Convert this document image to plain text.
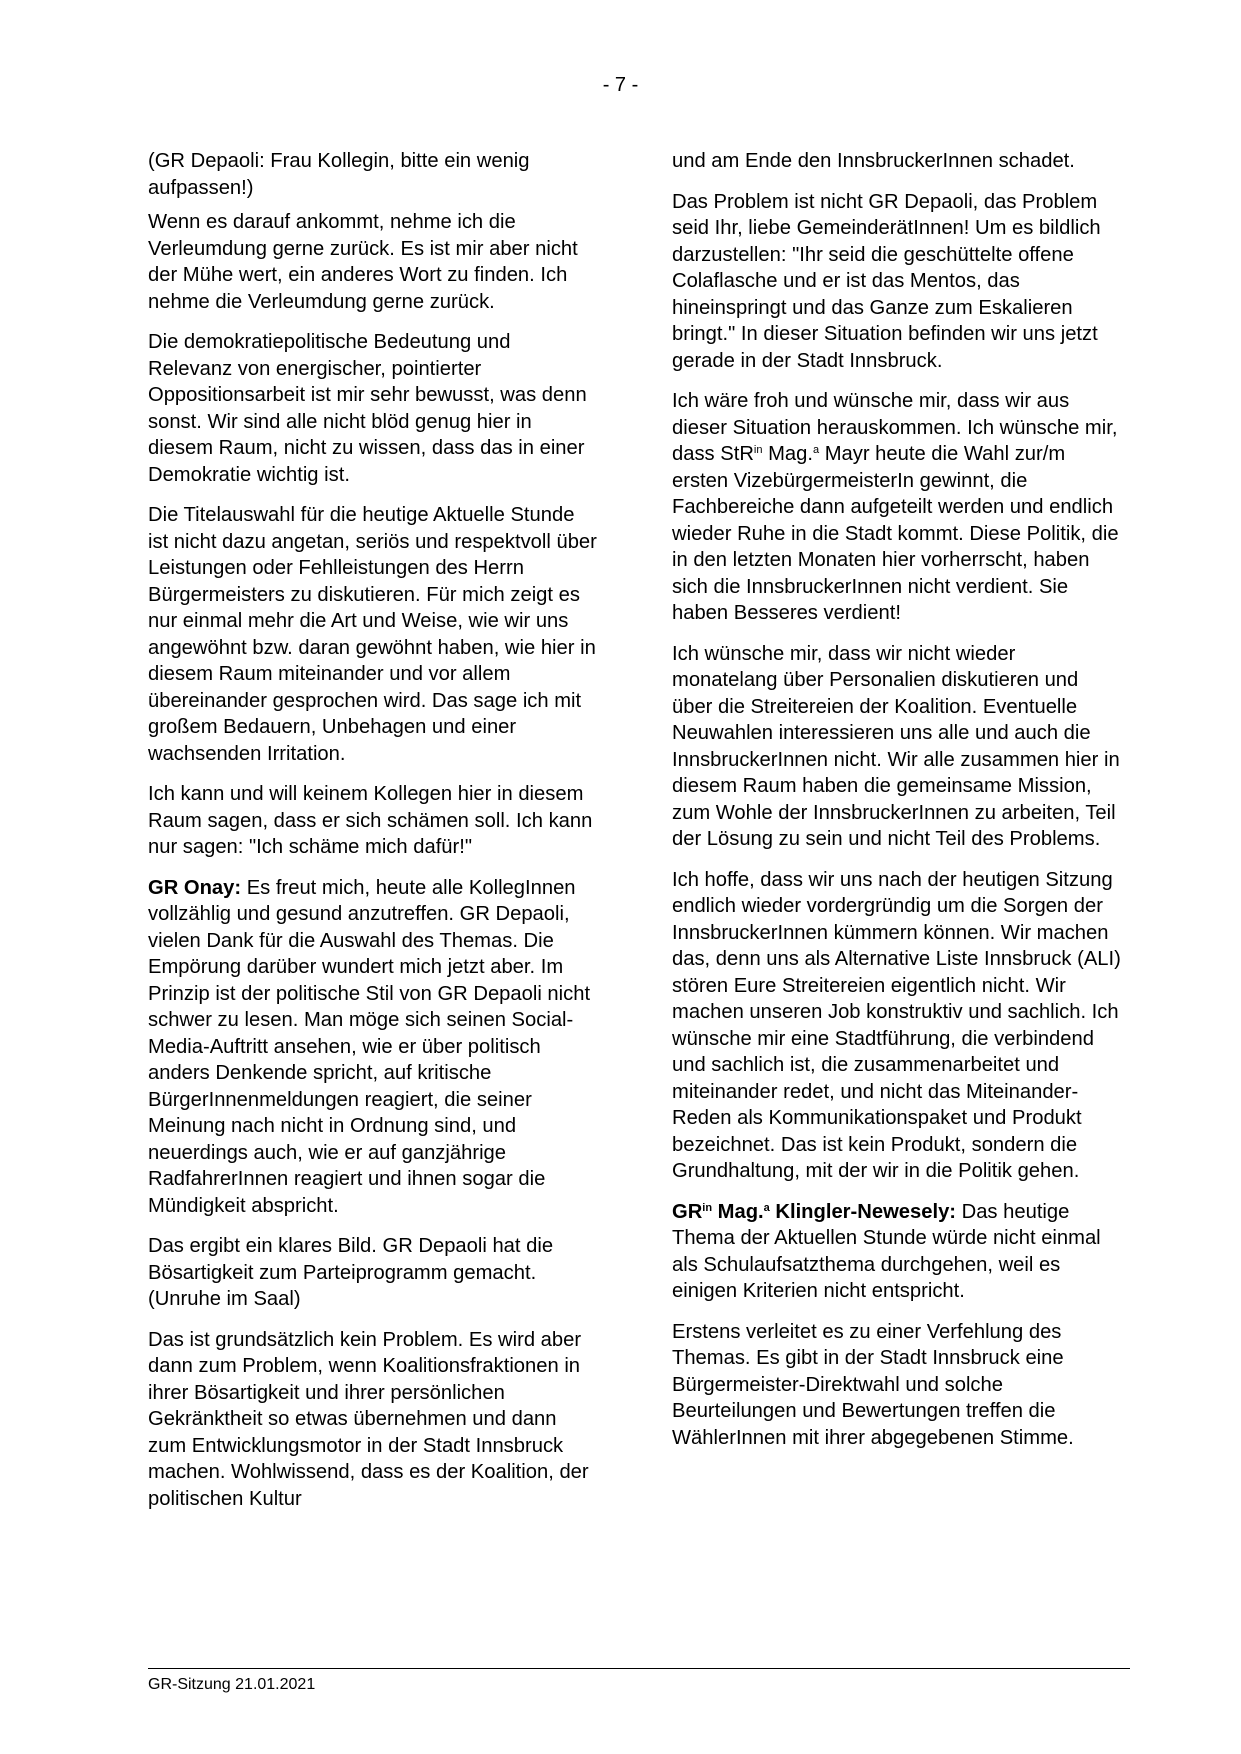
- 7 -

(GR Depaoli: Frau Kollegin, bitte ein wenig aufpassen!)

Wenn es darauf ankommt, nehme ich die Verleumdung gerne zurück. Es ist mir aber nicht der Mühe wert, ein anderes Wort zu finden. Ich nehme die Verleumdung gerne zurück.

Die demokratiepolitische Bedeutung und Relevanz von energischer, pointierter Oppositionsarbeit ist mir sehr bewusst, was denn sonst. Wir sind alle nicht blöd genug hier in diesem Raum, nicht zu wissen, dass das in einer Demokratie wichtig ist.

Die Titelauswahl für die heutige Aktuelle Stunde ist nicht dazu angetan, seriös und respektvoll über Leistungen oder Fehlleistungen des Herrn Bürgermeisters zu diskutieren. Für mich zeigt es nur einmal mehr die Art und Weise, wie wir uns angewöhnt bzw. daran gewöhnt haben, wie hier in diesem Raum miteinander und vor allem übereinander gesprochen wird. Das sage ich mit großem Bedauern, Unbehagen und einer wachsenden Irritation.

Ich kann und will keinem Kollegen hier in diesem Raum sagen, dass er sich schämen soll. Ich kann nur sagen: "Ich schäme mich dafür!"

GR Onay: Es freut mich, heute alle KollegInnen vollzählig und gesund anzutreffen. GR Depaoli, vielen Dank für die Auswahl des Themas. Die Empörung darüber wundert mich jetzt aber. Im Prinzip ist der politische Stil von GR Depaoli nicht schwer zu lesen. Man möge sich seinen Social-Media-Auftritt ansehen, wie er über politisch anders Denkende spricht, auf kritische BürgerInnenmeldungen reagiert, die seiner Meinung nach nicht in Ordnung sind, und neuerdings auch, wie er auf ganzjährige RadfahrerInnen reagiert und ihnen sogar die Mündigkeit abspricht.

Das ergibt ein klares Bild. GR Depaoli hat die Bösartigkeit zum Parteiprogramm gemacht. (Unruhe im Saal)

Das ist grundsätzlich kein Problem. Es wird aber dann zum Problem, wenn Koalitionsfraktionen in ihrer Bösartigkeit und ihrer persönlichen Gekränktheit so etwas übernehmen und dann zum Entwicklungsmotor in der Stadt Innsbruck machen. Wohlwissend, dass es der Koalition, der politischen Kultur

und am Ende den InnsbruckerInnen schadet.

Das Problem ist nicht GR Depaoli, das Problem seid Ihr, liebe GemeinderätInnen! Um es bildlich darzustellen: "Ihr seid die geschüttelte offene Colaflasche und er ist das Mentos, das hineinspringt und das Ganze zum Eskalieren bringt." In dieser Situation befinden wir uns jetzt gerade in der Stadt Innsbruck.

Ich wäre froh und wünsche mir, dass wir aus dieser Situation herauskommen. Ich wünsche mir, dass StR$^{in}$ Mag.$^a$ Mayr heute die Wahl zur/m ersten VizebürgermeisterIn gewinnt, die Fachbereiche dann aufgeteilt werden und endlich wieder Ruhe in die Stadt kommt. Diese Politik, die in den letzten Monaten hier vorherrscht, haben sich die InnsbruckerInnen nicht verdient. Sie haben Besseres verdient!

Ich wünsche mir, dass wir nicht wieder monatelang über Personalien diskutieren und über die Streitereien der Koalition. Eventuelle Neuwahlen interessieren uns alle und auch die InnsbruckerInnen nicht. Wir alle zusammen hier in diesem Raum haben die gemeinsame Mission, zum Wohle der InnsbruckerInnen zu arbeiten, Teil der Lösung zu sein und nicht Teil des Problems.

Ich hoffe, dass wir uns nach der heutigen Sitzung endlich wieder vordergründig um die Sorgen der InnsbruckerInnen kümmern können. Wir machen das, denn uns als Alternative Liste Innsbruck (ALI) stören Eure Streitereien eigentlich nicht. Wir machen unseren Job konstruktiv und sachlich. Ich wünsche mir eine Stadtführung, die verbindend und sachlich ist, die zusammenarbeitet und miteinander redet, und nicht das Miteinander-Reden als Kommunikationspaket und Produkt bezeichnet. Das ist kein Produkt, sondern die Grundhaltung, mit der wir in die Politik gehen.

$GR^{in}$ Mag.$^a$ Klingler-Newesely: Das heutige Thema der Aktuellen Stunde würde nicht einmal als Schulaufsatzthema durchgehen, weil es einigen Kriterien nicht entspricht.

Erstens verleitet es zu einer Verfehlung des Themas. Es gibt in der Stadt Innsbruck eine Bürgermeister-Direktwahl und solche Beurteilungen und Bewertungen treffen die WählerInnen mit ihrer abgegebenen Stimme.

GR-Sitzung 21.01.2021
